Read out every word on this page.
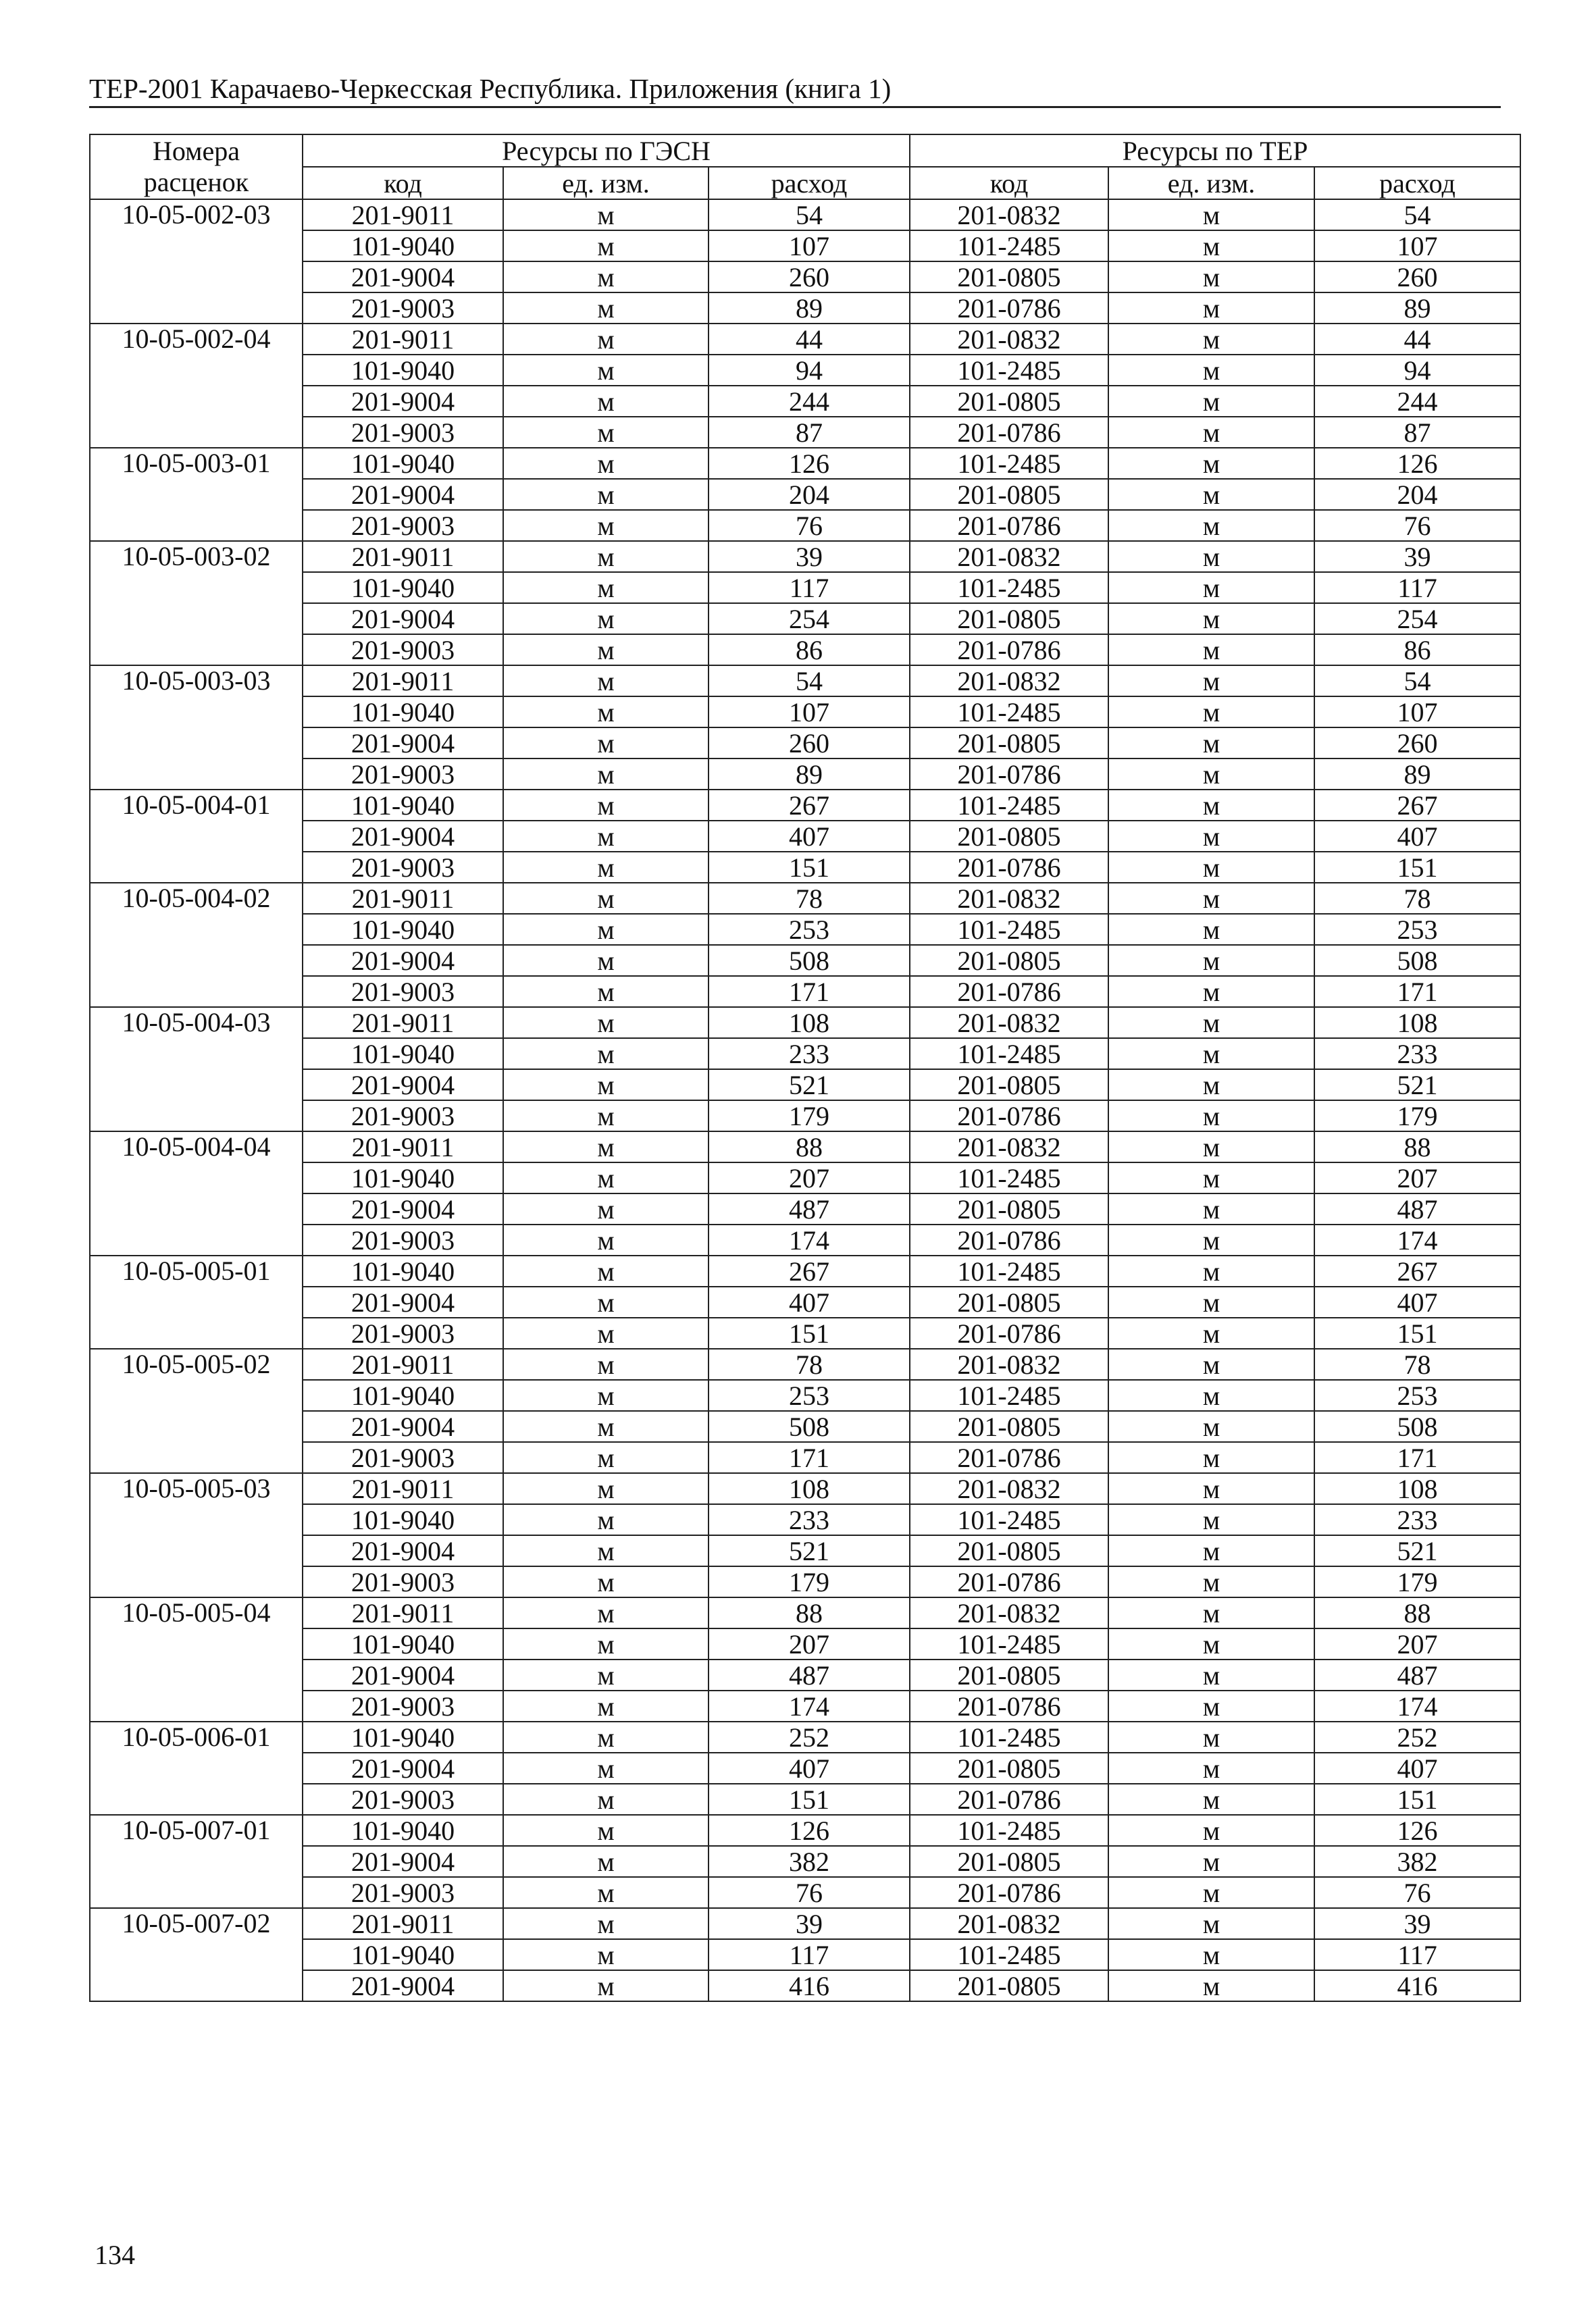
ТЕР-2001 Карачаево-Черкесская Республика. Приложения (книга 1)
Номера
расценок	Ресурсы по ГЭСН			Ресурсы по ТЕР		
	код	ед. изм.	расход	код	ед. изм.	расход
10-05-002-03	201-9011	м	54	201-0832	м	54
	101-9040	м	107	101-2485	м	107
	201-9004	м	260	201-0805	м	260
	201-9003	м	89	201-0786	м	89
10-05-002-04	201-9011	м	44	201-0832	м	44
	101-9040	м	94	101-2485	м	94
	201-9004	м	244	201-0805	м	244
	201-9003	м	87	201-0786	м	87
10-05-003-01	101-9040	м	126	101-2485	м	126
	201-9004	м	204	201-0805	м	204
	201-9003	м	76	201-0786	м	76
10-05-003-02	201-9011	м	39	201-0832	м	39
	101-9040	м	117	101-2485	м	117
	201-9004	м	254	201-0805	м	254
	201-9003	м	86	201-0786	м	86
10-05-003-03	201-9011	м	54	201-0832	м	54
	101-9040	м	107	101-2485	м	107
	201-9004	м	260	201-0805	м	260
	201-9003	м	89	201-0786	м	89
10-05-004-01	101-9040	м	267	101-2485	м	267
	201-9004	м	407	201-0805	м	407
	201-9003	м	151	201-0786	м	151
10-05-004-02	201-9011	м	78	201-0832	м	78
	101-9040	м	253	101-2485	м	253
	201-9004	м	508	201-0805	м	508
	201-9003	м	171	201-0786	м	171
10-05-004-03	201-9011	м	108	201-0832	м	108
	101-9040	м	233	101-2485	м	233
	201-9004	м	521	201-0805	м	521
	201-9003	м	179	201-0786	м	179
10-05-004-04	201-9011	м	88	201-0832	м	88
	101-9040	м	207	101-2485	м	207
	201-9004	м	487	201-0805	м	487
	201-9003	м	174	201-0786	м	174
10-05-005-01	101-9040	м	267	101-2485	м	267
	201-9004	м	407	201-0805	м	407
	201-9003	м	151	201-0786	м	151
10-05-005-02	201-9011	м	78	201-0832	м	78
	101-9040	м	253	101-2485	м	253
	201-9004	м	508	201-0805	м	508
	201-9003	м	171	201-0786	м	171
10-05-005-03	201-9011	м	108	201-0832	м	108
	101-9040	м	233	101-2485	м	233
	201-9004	м	521	201-0805	м	521
	201-9003	м	179	201-0786	м	179
10-05-005-04	201-9011	м	88	201-0832	м	88
	101-9040	м	207	101-2485	м	207
	201-9004	м	487	201-0805	м	487
	201-9003	м	174	201-0786	м	174
10-05-006-01	101-9040	м	252	101-2485	м	252
	201-9004	м	407	201-0805	м	407
	201-9003	м	151	201-0786	м	151
10-05-007-01	101-9040	м	126	101-2485	м	126
	201-9004	м	382	201-0805	м	382
	201-9003	м	76	201-0786	м	76
10-05-007-02	201-9011	м	39	201-0832	м	39
	101-9040	м	117	101-2485	м	117
	201-9004	м	416	201-0805	м	416
134
